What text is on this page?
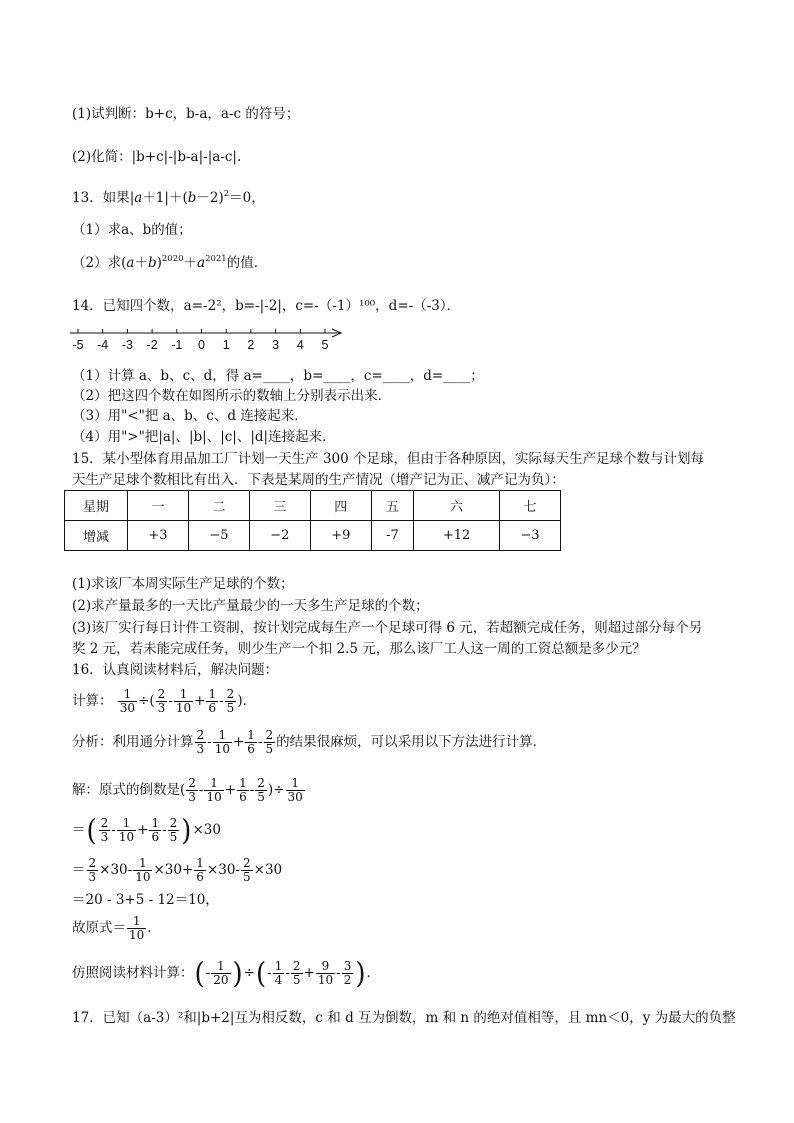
(1)试判断：b+c，b-a，a-c 的符号；
(2)化简：|b+c|-|b-a|-|a-c|.
13．如果$|a+1|+(b-2)^2=0$，
（1）求a、b的值；
（2）求$(a+b)^{2020}+a^{2021}$的值．
14．已知四个数，a=-2²，b=-|-2|，c=-（-1）¹⁰⁰，d=-（-3）．
-5 -4 -3 -2 -1 0 1 2 3 4 5
（1）计算 a、b、c、d，得 a=____，b=____，c=____，d=____；
（2）把这四个数在如图所示的数轴上分别表示出来．
（3）用"<"把 a、b、c、d 连接起来．
（4）用">"把|a|、|b|、|c|、|d|连接起来．
15．某小型体育用品加工厂计划一天生产 300 个足球，但由于各种原因，实际每天生产足球个数与计划每
天生产足球个数相比有出入．下表是某周的生产情况（增产记为正、减产记为负）：
星期	一	二	三	四	五	六	七
增减	+3	−5	−2	+9	-7	+12	−3
(1)求该厂本周实际生产足球的个数；
(2)求产量最多的一天比产量最少的一天多生产足球的个数；
(3)该厂实行每日计件工资制，按计划完成每生产一个足球可得 6 元，若超额完成任务，则超过部分每个另
奖 2 元，若未能完成任务，则少生产一个扣 2.5 元，那么该厂工人这一周的工资总额是多少元？
16．认真阅读材料后，解决问题：
计算： $\frac{1}{30}$ ÷( $\frac{2}{3} - \frac{1}{10} + \frac{1}{6} - \frac{2}{5}$ )．
分析：利用通分计算 $\frac{2}{3} - \frac{1}{10} + \frac{1}{6} - \frac{2}{5}$ 的结果很麻烦，可以采用以下方法进行计算．
解：原式的倒数是( $\frac{2}{3} - \frac{1}{10} + \frac{1}{6} - \frac{2}{5}$ )÷ $\frac{1}{30}$
＝( $\frac{2}{3} - \frac{1}{10} + \frac{1}{6} - \frac{2}{5} )\times 30$
＝ $\frac{2}{3} \times 30- \frac{1}{10} \times 30+ \frac{1}{6} \times 30- \frac{2}{5} \times 30$
＝20 - 3+5 - 12＝10，
故原式＝ $\frac{1}{10}$ ．
仿照阅读材料计算：(- $\frac{1}{20}$ )÷(- $\frac{1}{4} - \frac{2}{5} + \frac{9}{10} - \frac{3}{2}$ )．
17．已知（a-3）²和|b+2|互为相反数，c 和 d 互为倒数，m 和 n 的绝对值相等，且 mn＜0，y 为最大的负整
